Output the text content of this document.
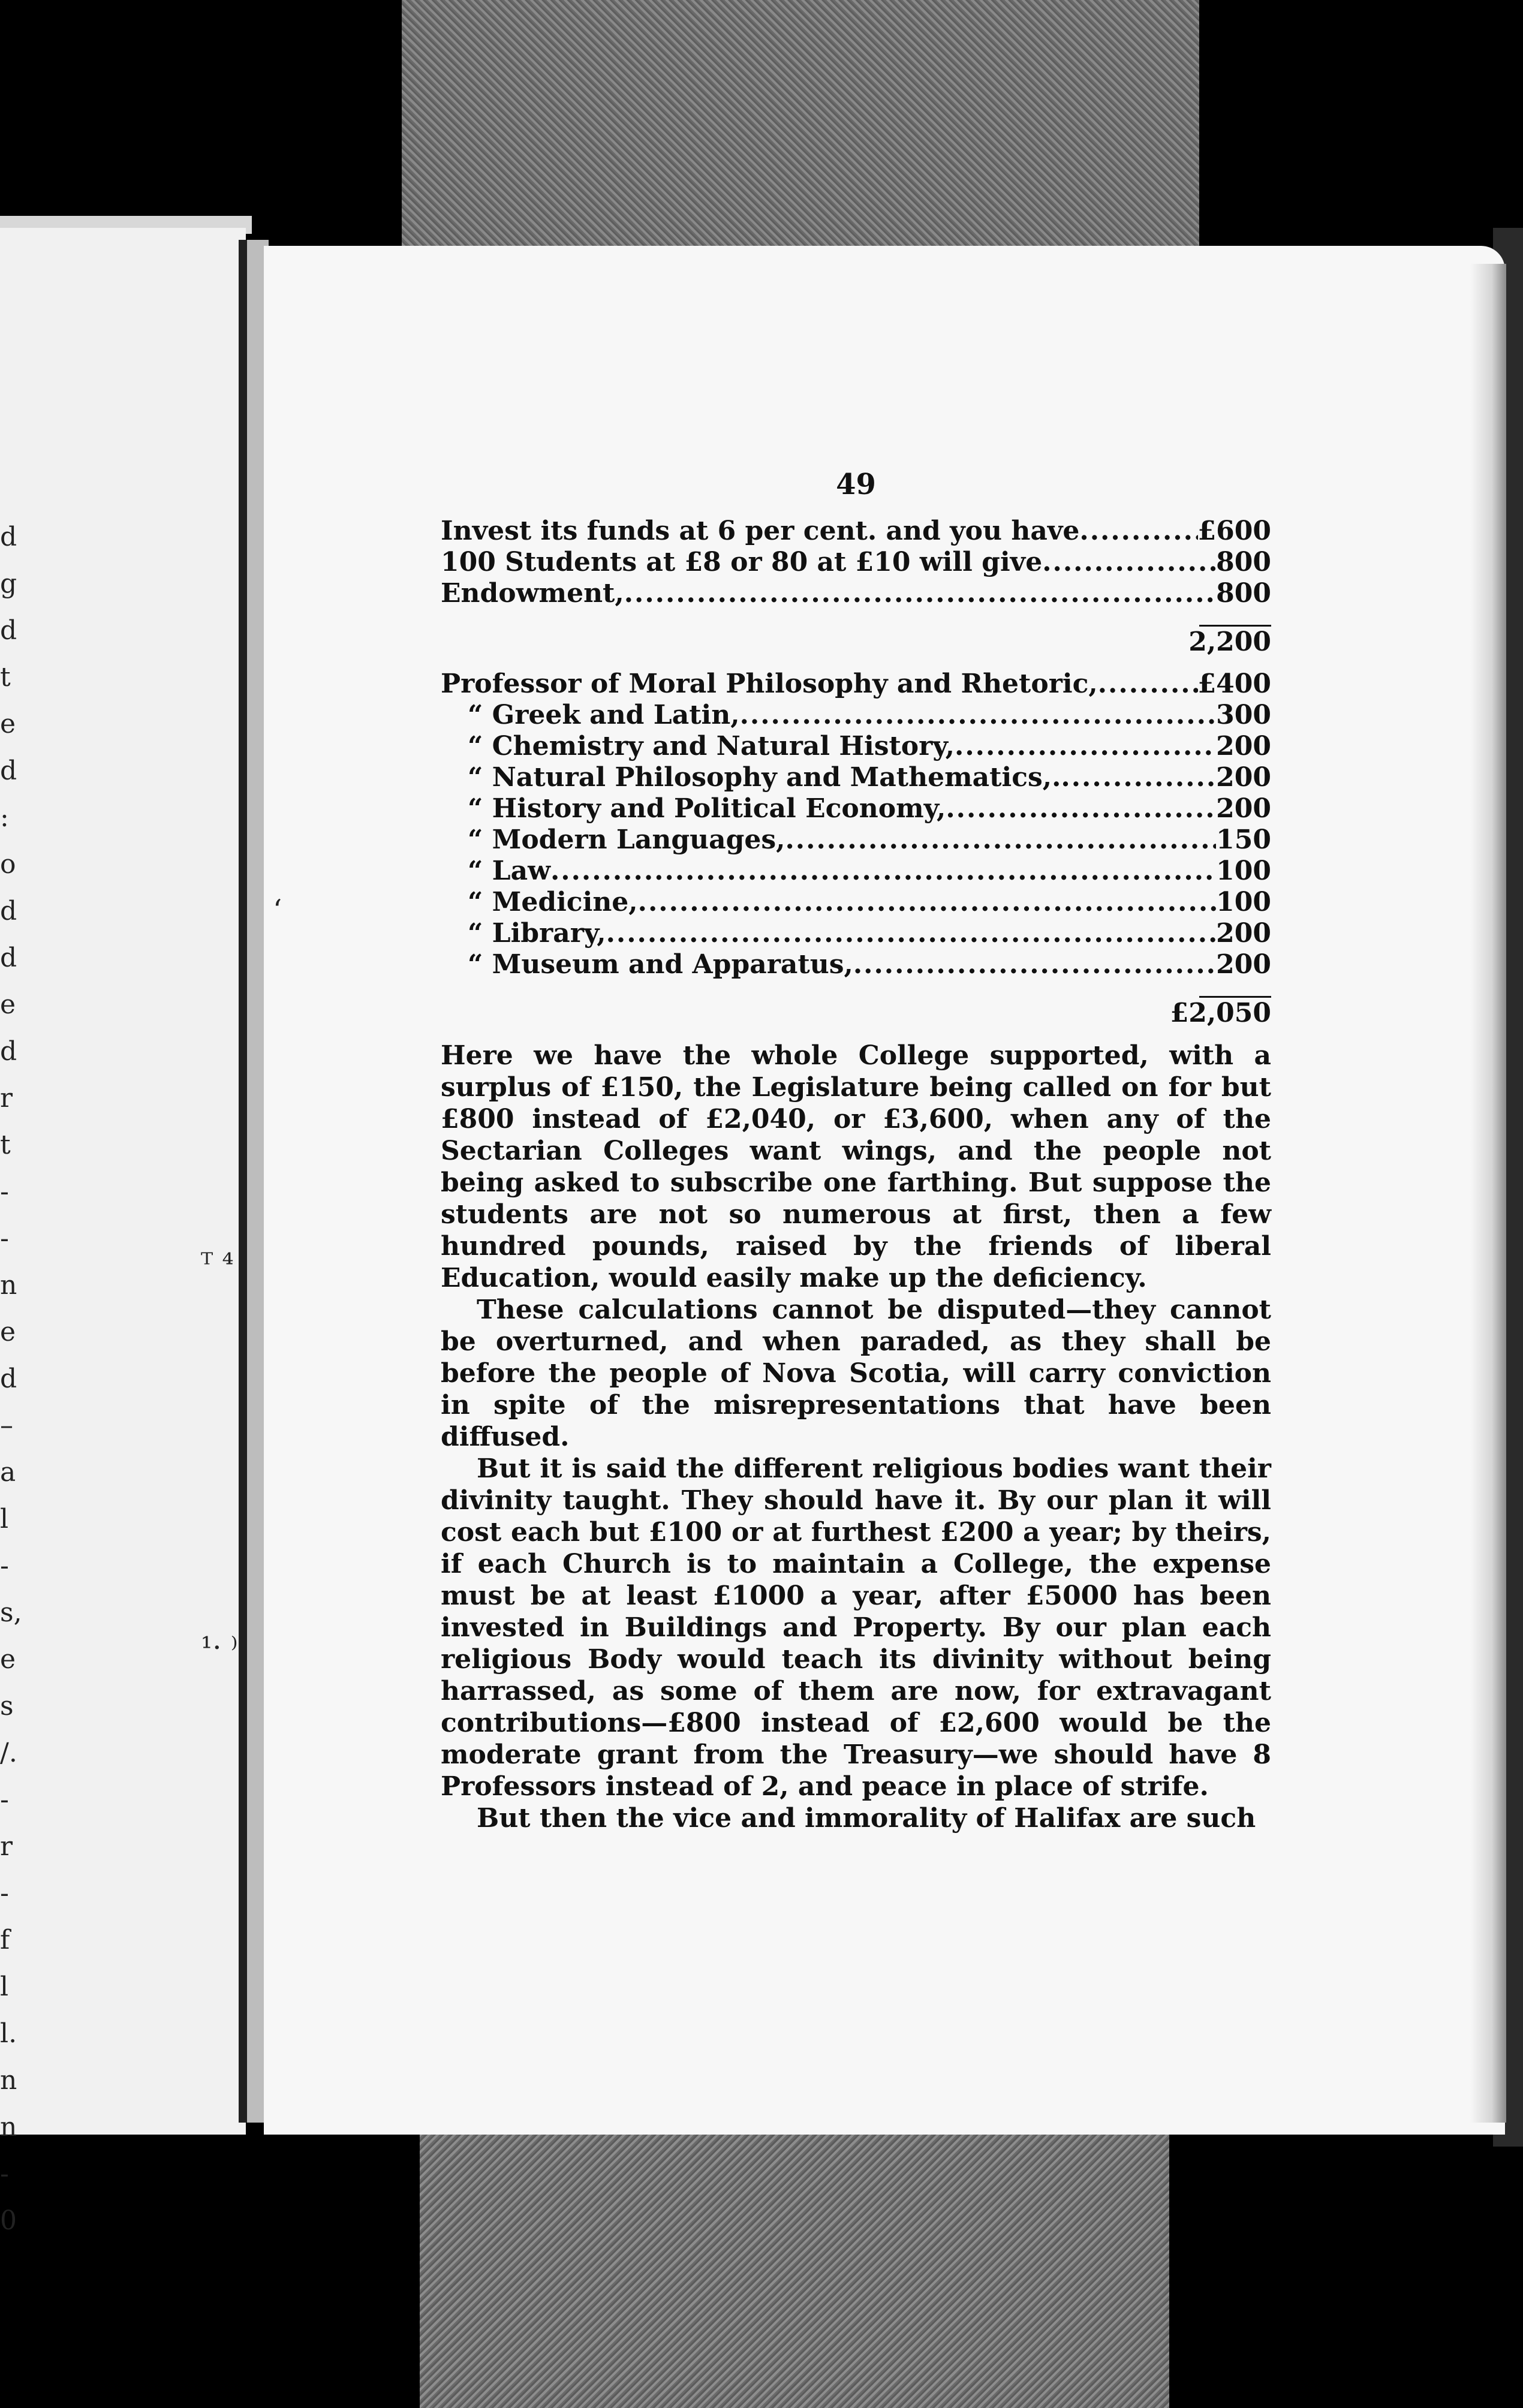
d
g
d
t
e
d
:
o
d
d
e
d
r
t
-
-
n
e
d
–
a
l
-
s,
e
s
/.
-
r
-
f
l
l.
n
n
-
0
ʻ
ᵀ ⁴
¹· ⁾
49
Invest its funds at 6 per cent. and you have .....	£600
100 Students at £8 or 80 at £10 will give .....	800
Endowment, .....	800
2,200
Professor of Moral Philosophy and Rhetoric, .....	£400
“ Greek and Latin, .....	300
“ Chemistry and Natural History, .....	200
“ Natural Philosophy and Mathematics,. .....	200
“ History and Political Economy, .....	200
“ Modern Languages, .....	150
“ Law .....	100
“ Medicine, .....	100
“ Library, .....	200
“ Museum and Apparatus, .....	200
£2,050

Here we have the whole College supported, with a surplus of £150, the Legislature being called on for but £800 instead of £2,040, or £3,600, when any of the Sectarian Colleges want wings, and the people not being asked to subscribe one farthing. But suppose the students are not so numerous at first, then a few hundred pounds, raised by the friends of liberal Education, would easily make up the deficiency.

These calculations cannot be disputed—they cannot be overturned, and when paraded, as they shall be before the people of Nova Scotia, will carry conviction in spite of the misrepresentations that have been diffused.

But it is said the different religious bodies want their divinity taught. They should have it. By our plan it will cost each but £100 or at furthest £200 a year; by theirs, if each Church is to maintain a College, the expense must be at least £1000 a year, after £5000 has been invested in Buildings and Property. By our plan each religious Body would teach its divinity without being harrassed, as some of them are now, for extravagant contributions—£800 instead of £2,600 would be the moderate grant from the Treasury—we should have 8 Professors instead of 2, and peace in place of strife.

But then the vice and immorality of Halifax are such
